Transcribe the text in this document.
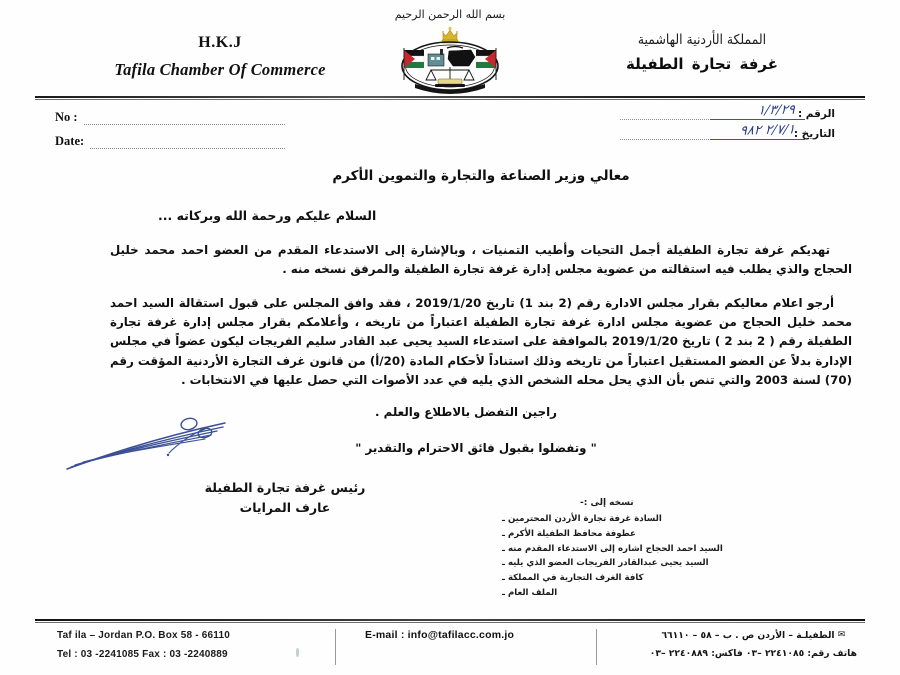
بسم الله الرحمن الرحيم
H.K.J
Tafila Chamber Of Commerce
المملكة الأردنية الهاشمية
غرفة تجارة الطفيلة
No :
Date:
الرقم :
١/٣/٢٩
التاريخ :
٢/٧/١ ٩٨٢

معالي وزير الصناعة والتجارة والتموين الأكرم

السلام عليكم ورحمة الله وبركاته ...

تهديكم غرفة تجارة الطفيلة أجمل التحيات وأطيب التمنيات ، وبالإشارة إلى الاستدعاء المقدم من العضو احمد محمد خليل الحجاج والذي يطلب فيه استقالته من عضوية مجلس إدارة غرفة تجارة الطفيلة والمرفق نسخه منه .

أرجو اعلام معاليكم بقرار مجلس الادارة رقم (2 بند 1) تاريخ 2019/1/20 ، فقد وافق المجلس على قبول استقالة السيد احمد محمد خليل الحجاج من عضوية مجلس ادارة غرفة تجارة الطفيلة اعتباراً من تاريخه ، وأعلامكم بقرار مجلس إدارة غرفة تجارة الطفيلة رقم ( 2 بند 2 ) تاريخ 2019/1/20 بالموافقة على استدعاء السيد يحيى عبد القادر سليم الفريجات ليكون عضواً في مجلس الإدارة بدلاً عن العضو المستقيل اعتباراً من تاريخه وذلك استناداً لأحكام المادة (20/أ) من قانون غرف التجارة الأردنية المؤقت رقم (70) لسنة 2003 والتي تنص بأن الذي يحل محله الشخص الذي يليه في عدد الأصوات التي حصل عليها في الانتخابات .

راجين التفضل بالاطلاع والعلم .

" وتفضلوا بقبول فائق الاحترام والتقدير "

رئيس غرفة تجارة الطفيلة
عارف المرايات	نسخه إلى :-
السادة غرفة تجارة الأردن المحترمين ـ
عطوفة محافظ الطفيلة الأكرم ـ
السيد احمد الحجاج اشاره إلى الاستدعاء المقدم منه ـ
السيد يحيى عبدالقادر الفريجات العضو الذي يليه ـ
كافة الغرف التجارية في المملكة ـ
الملف العام ـ
Taf ila – Jordan P.O. Box 58 - 66110
Tel : 03 -2241085 Fax : 03 -2240889
E-mail : info@tafilacc.com.jo	✉ الطفيلـة – الأردن ص . ب – ٥٨ – ٦٦١١٠
هاتف رقم: ٢٢٤١٠٨٥ –٠٣ فاكس: ٢٢٤٠٨٨٩ –٠٣
